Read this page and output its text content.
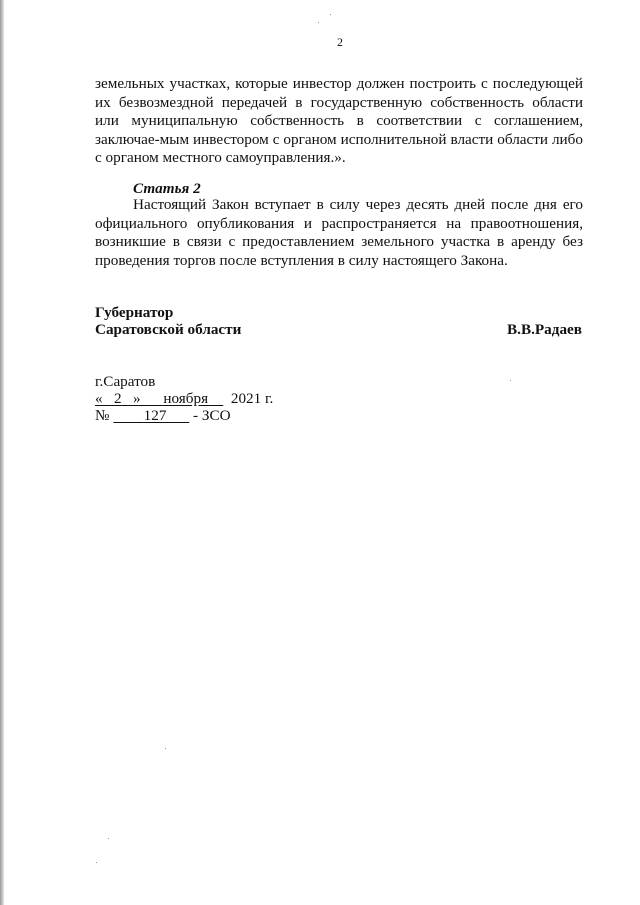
2
земельных участках, которые инвестор должен построить с последующей их безвозмездной передачей в государственную собственность области или муниципальную собственность в соответствии с соглашением, заключае-мым инвестором с органом исполнительной власти области либо с органом местного самоуправления.».
Статья 2
Настоящий Закон вступает в силу через десять дней после дня его официального опубликования и распространяется на правоотношения, возникшие в связи с предоставлением земельного участка в аренду без проведения торгов после вступления в силу настоящего Закона.
Губернатор
Саратовской области	В.В.Радаев
г.Саратов
« 2 » ноября 2021 г.
№ 127 - ЗСО
